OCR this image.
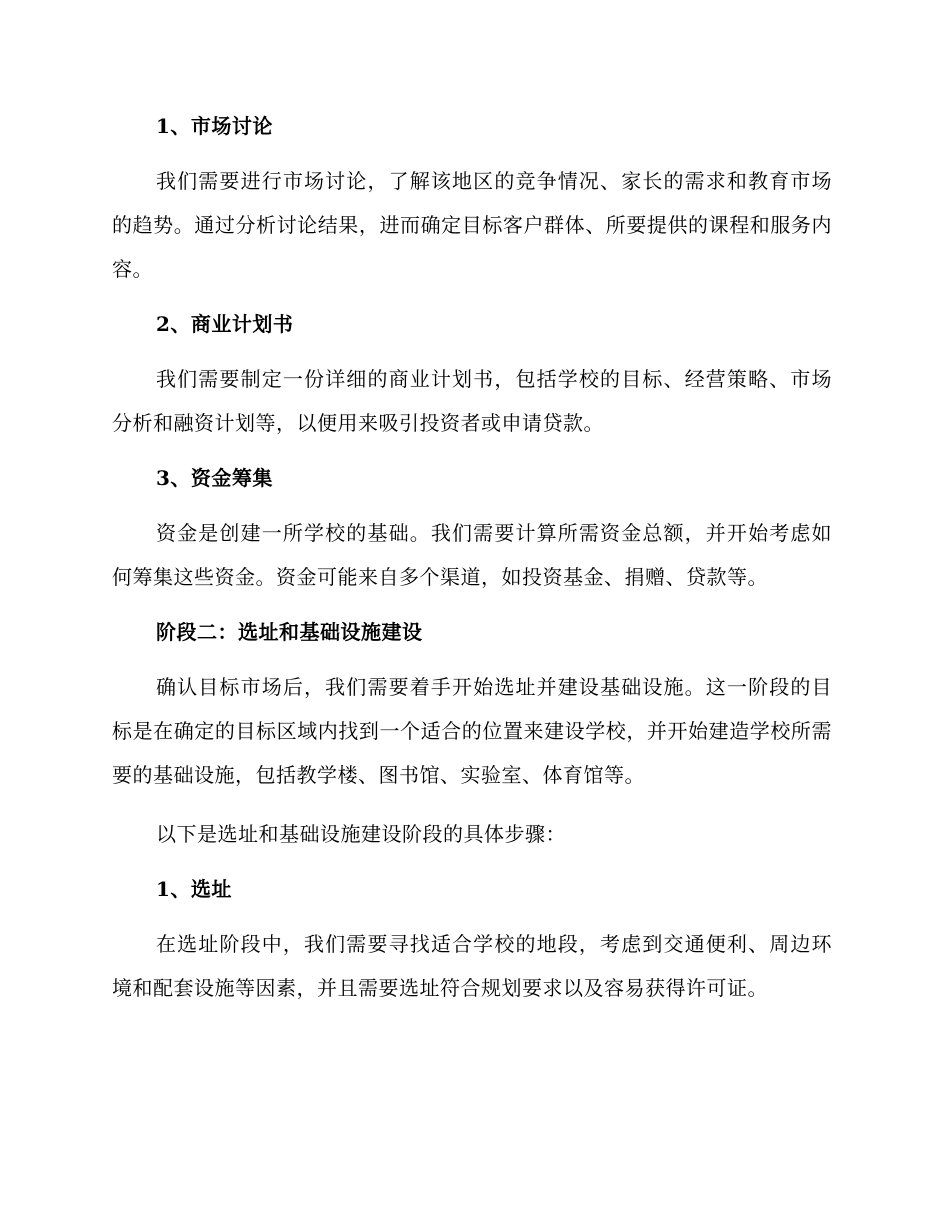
1、市场讨论

我们需要进行市场讨论，了解该地区的竞争情况、家长的需求和教育市场的趋势。通过分析讨论结果，进而确定目标客户群体、所要提供的课程和服务内容。

2、商业计划书

我们需要制定一份详细的商业计划书，包括学校的目标、经营策略、市场分析和融资计划等，以便用来吸引投资者或申请贷款。

3、资金筹集

资金是创建一所学校的基础。我们需要计算所需资金总额，并开始考虑如何筹集这些资金。资金可能来自多个渠道，如投资基金、捐赠、贷款等。

阶段二：选址和基础设施建设

确认目标市场后，我们需要着手开始选址并建设基础设施。这一阶段的目标是在确定的目标区域内找到一个适合的位置来建设学校，并开始建造学校所需要的基础设施，包括教学楼、图书馆、实验室、体育馆等。

以下是选址和基础设施建设阶段的具体步骤：

1、选址

在选址阶段中，我们需要寻找适合学校的地段，考虑到交通便利、周边环境和配套设施等因素，并且需要选址符合规划要求以及容易获得许可证。
